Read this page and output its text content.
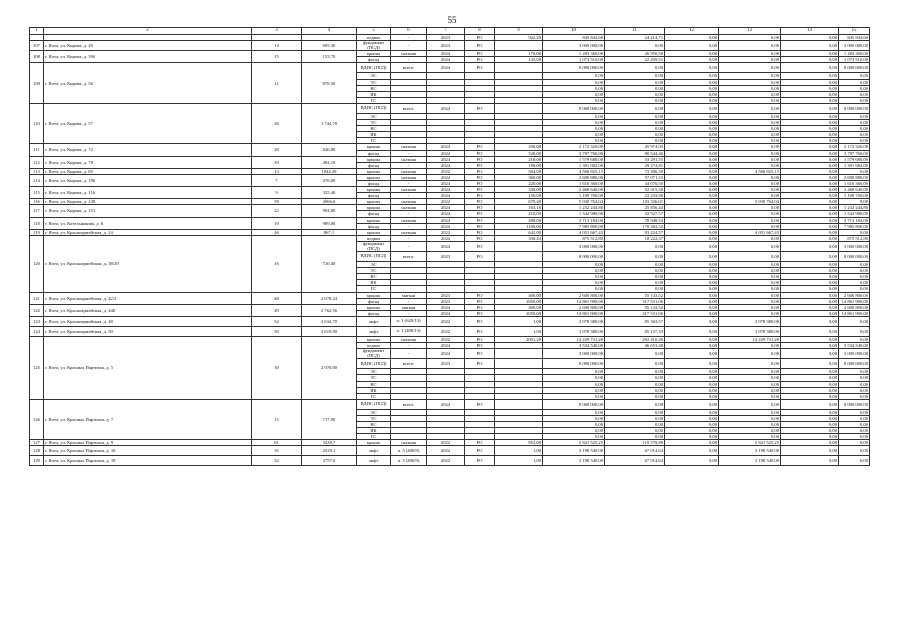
55
1	2	3	4	5	6	7	8	9	10	11	12	13	14	15
				подвал	-	2023	РО	922,20	845 844,60	24 214,71	0,00	0,00	0,00	845 844,60
107	г. Ялта, ул. Кирова, д. 29	14	695,30	фундамент (ПСД)	-	2023	РО		3 000 000,00	0,00	0,00	0,00	0,00	3 000 000,00
108	г. Ялта, ул. Кирова, д. 39б	15	153,70	крыша	скатная	2024	РО	170,00	1 283 360,00	26 950,50	0,00	0,00	0,00	1 283 360,00
				фасад	-	2024	РО	143,00	1 073 510,00	22 459,51	0,00	0,00	0,00	1 073 510,00
109	г. Ялта, ул. Кирова, д. 56	11	878,50	ВДИС (ПСД)	всего:	2024	РО		8 000 000,00	0,00	0,00	0,00	0,00	8 000 000,00
				ЭС					0,00	0,00	0,00	0,00	0,00	0,00
				ТС					0,00	0,00	0,00	0,00	0,00	0,00
				ВС					0,00	0,00	0,00	0,00	0,00	0,00
				ВК					0,00	0,00	0,00	0,00	0,00	0,00
				ГС					0,00	0,00	0,00	0,00	0,00	0,00
110	г. Ялта, ул. Кирова, д. 57	36	1 744,70	ВДИС (ПСД)	всего:	2024	РО		8 000 000,00	0,00	0,00	0,00	0,00	8 000 000,00
				ЭС					0,00	0,00	0,00	0,00	0,00	0,00
				ТС					0,00	0,00	0,00	0,00	0,00	0,00
				ВС					0,00	0,00	0,00	0,00	0,00	0,00
				ВК					0,00	0,00	0,00	0,00	0,00	0,00
				ГС					0,00	0,00	0,00	0,00	0,00	0,00
111	г. Ялта, ул. Кирова, д. 72	20	626,80	крыша	скатная	2024	РО	290,00	2 172 320,00	45 974,05	0,00	0,00	0,00	2 172 320,00
				фасад	-	2024	РО	520,00	3 787 760,00	80 544,46	0,00	0,00	0,00	3 787 760,00
112	г. Ялта, ул. Кирова, д. 78	10	494,10	крыша	скатная	2024	РО	210,00	1 579 680,00	33 291,55	0,00	0,00	0,00	1 579 680,00
				фасад	-	2024	РО	189,00	1 391 982,00	29 274,81	0,00	0,00	0,00	1 391 982,00
113	г. Ялта, ул. Кирова, д. 85	13	1844,39	крыша	скатная	2022	РО	504,00	3 568 825,15	73 306,39	0,00	3 568 825,15	0,00	0,00
114	г. Ялта, ул. Кирова, д. 106	7	476,00	крыша	скатная	2024	РО	360,00	2 690 880,00	57 071,23	0,00	0,00	0,00	2 690 880,00
				фасад	-	2024	РО	220,00	1 616 360,00	34 076,50	0,00	0,00	0,00	1 616 360,00
115	г. Ялта, ул. Кирова, д. 116	9	325,40	крыша	скатная	2024	РО	330,00	2 468 640,00	52 315,30	0,00	0,00	0,00	2 468 640,00
				фасад	-	2024	РО	150,00	1 109 700,00	23 233,98	0,00	0,00	0,00	1 109 700,00
116	г. Ялта, ул. Кирова, д. 138	59	2066,6	крыша	скатная	2022	РО	679,40	5 030 764,04	103 336,01	0,00	5 030 764,04	0,00	0,00
117	г. Ялта, ул. Кирова, д. 151	22	994,80	крыша	скатная	2024	РО	163,10	1 232 244,80	25 856,44	0,00	0,00	0,00	1 232 244,80
				фасад	-	2024	РО	210,00	1 542 980,00	32 527,57	0,00	0,00	0,00	1 542 980,00
118	г. Ялта, ул. Котельникова, д. 6	19	989,00	крыша	скатная	2024	РО	498,00	3 713 184,00	78 948,54	0,00	0,00	0,00	3 713 184,00
				фасад	-	2024	РО	1100,00	7 985 800,00	170 382,52	0,00	0,00	0,00	7 985 800,00
119	г. Ялта, ул. Красноармейская, д. 24	26	867,1	крыша	скатная	2022	РО	642,00	4 051 667,43	83 224,57	0,00	4 051 667,43	0,00	0,00
120	г. Ялта, ул. Красноармейская, д. 38/29	16	720,40	подвал	-	2024	РО	330,43	875 512,80	18 222,37	0,00	0,00	0,00	875 512,80
				фундамент (ПСД)	-	2024	РО		3 000 000,00	0,00	0,00	0,00	0,00	3 000 000,00
				ВДИС (ПСД)	всего:	2023	РО		8 000 000,00	0,00	0,00	0,00	0,00	8 000 000,00
				ЭС					0,00	0,00	0,00	0,00	0,00	0,00
				ТС					0,00	0,00	0,00	0,00	0,00	0,00
				ВС					0,00	0,00	0,00	0,00	0,00	0,00
				ВК					0,00	0,00	0,00	0,00	0,00	0,00
				ГС					0,00	0,00	0,00	0,00	0,00	0,00
121	г. Ялта, ул. Красноармейская, д. 42/2	48	2 678,24	крыша	мягкая	2023	РО	400,00	2 600 800,00	55 143,52	0,00	0,00	0,00	2 600 800,00
				фасад	-	2023	РО	2050,00	14 861 900,00	317 531,06	0,00	0,00	0,00	14 861 900,00
122	г. Ялта, ул. Красноармейская, д. 44Б	49	2 762,56	крыша	мягкая	2024	РО	400,00	2 600 800,00	55 143,52	0,00	0,00	0,00	2 600 800,00
				фасад	-	2024	РО	2050,00	14 861 900,00	317 531,06	0,00	0,00	0,00	14 861 900,00
123	г. Ялта, ул. Красноармейская, д. 48	52	2 634,70	лифт	п. 1 (620/13)	2022	РО	1,00	3 978 380,00	85 363,57	0,00	3 978 380,00	0,00	0,00
124	г. Ялта, ул. Красноармейская, д. 50	50	2 619,90	лифт	п. 1 (400/13)	2022	РО	1,00	3 978 380,00	85 137,33	0,00	3 978 380,00	0,00	0,00
125	г. Ялта, ул. Красных Партизан, д. 5	30	2 970,00	крыша	скатная	2022	РО	2091,20	14 229 731,26	292 410,46	0,00	14 229 731,26	0,00	0,00
				подвал	-	2024	РО		3 534 540,00	46 653,48	0,00	0,00	0,00	3 534 540,00
				фундамент (ПСД)	-	2024	РО		3 000 000,00	0,00	0,00	0,00	0,00	3 000 000,00
				ВДИС (ПСД)	всего:	2023	РО		8 000 000,00	0,00	0,00	0,00	0,00	8 000 000,00
				ЭС					0,00	0,00	0,00	0,00	0,00	0,00
				ТС					0,00	0,00	0,00	0,00	0,00	0,00
				ВС					0,00	0,00	0,00	0,00	0,00	0,00
				ВК					0,00	0,00	0,00	0,00	0,00	0,00
				ГС					0,00	0,00	0,00	0,00	0,00	0,00
126	г. Ялта, ул. Красных Партизан, д. 7	15	717,90	ВДИС (ПСД)	всего:	2024	РО		8 000 000,00	0,00	0,00	0,00	0,00	8 000 000,00
				ЭС					0,00	0,00	0,00	0,00	0,00	0,00
				ТС					0,00	0,00	0,00	0,00	0,00	0,00
				ВС					0,00	0,00	0,00	0,00	0,00	0,00
				ВК					0,00	0,00	0,00	0,00	0,00	0,00
				ГС					0,00	0,00	0,00	0,00	0,00	0,00
127	г. Ялта, ул. Красных Партизан, д. 9	61	3239,7	крыша	скатная	2022	РО	852,00	5 821 525,25	119 578,89	0,00	5 821 525,25	0,00	0,00
128	г. Ялта, ул. Красных Партизан, д. 16	35	2529,1	лифт	п. 3 (400/9)	2022	РО	1,00	3 198 540,00	67 014,64	0,00	3 198 540,00	0,00	0,00
129	г. Ялта, ул. Красных Партизан, д. 18	32	2757,6	лифт	п. 3 (400/9)	2022	РО	1,00	3 198 540,00	67 014,64	0,00	3 198 540,00	0,00	0,00
